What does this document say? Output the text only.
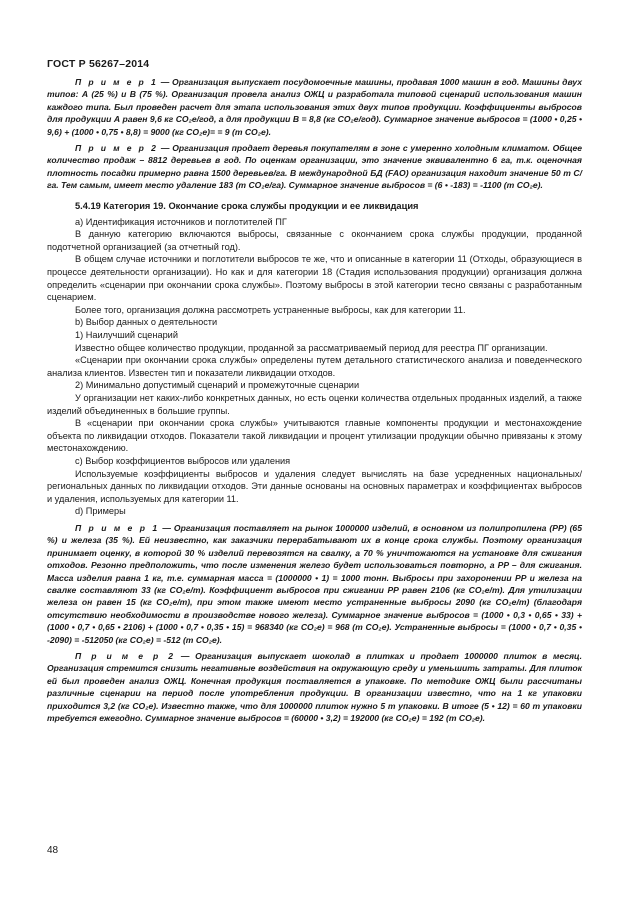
ГОСТ Р 56267–2014

П р и м е р 1 — Организация выпускает посудомоечные машины, продавая 1000 машин в год. Машины двух типов: А (25 %) и В (75 %). Организация провела анализ ОЖЦ и разработала типовой сценарий использования машин каждого типа. Был проведен расчет для этапа использования этих двух типов продукции. Коэффициенты выбросов для продукции А равен 9,6 кг CO₂е/год, а для продукции В = 8,8 (кг CO₂е/год). Суммарное значение выбросов = (1000 • 0,25 • 9,6) + (1000 • 0,75 • 8,8) = 9000 (кг CO₂е)= = 9 (т CO₂е).

П р и м е р 2 — Организация продает деревья покупателям в зоне с умеренно холодным климатом. Общее количество продаж – 8812 деревьев в год. По оценкам организации, это значение эквивалентно 6 га, т.к. оценочная плотность посадки примерно равна 1500 деревьев/га. В международной БД (FAO) организация находит значение 50 т С/га. Тем самым, имеет место удаление 183 (т CO₂е/га). Суммарное значение выбросов = (6 • -183) = -1100 (т CO₂е).

5.4.19 Категория 19. Окончание срока службы продукции и ее ликвидация

a) Идентификация источников и поглотителей ПГ

В данную категорию включаются выбросы, связанные с окончанием срока службы продукции, проданной подотчетной организацией (за отчетный год).

В общем случае источники и поглотители выбросов те же, что и описанные в категории 11 (Отходы, образующиеся в процессе деятельности организации). Но как и для категории 18 (Стадия использования продукции) организация должна определить «сценарии при окончании срока службы». Поэтому выбросы в этой категории тесно связаны с разработанным сценарием.

Более того, организация должна рассмотреть устраненные выбросы, как для категории 11.

b) Выбор данных о деятельности

1) Наилучший сценарий

Известно общее количество продукции, проданной за рассматриваемый период для реестра ПГ организации.

«Сценарии при окончании срока службы» определены путем детального статистического анализа и поведенческого анализа клиентов. Известен тип и показатели ликвидации отходов.

2) Минимально допустимый сценарий и промежуточные сценарии

У организации нет каких-либо конкретных данных, но есть оценки количества отдельных проданных изделий, а также изделий объединенных в большие группы.

В «сценарии при окончании срока службы» учитываются главные компоненты продукции и местонахождение объекта по ликвидации отходов. Показатели такой ликвидации и процент утилизации продукции обычно привязаны к этому местонахождению.

c) Выбор коэффициентов выбросов или удаления

Используемые коэффициенты выбросов и удаления следует вычислять на базе усредненных национальных/региональных данных по ликвидации отходов. Эти данные основаны на основных параметрах и коэффициентах выбросов и удаления, используемых для категории 11.

d) Примеры

П р и м е р 1 — Организация поставляет на рынок 1000000 изделий, в основном из полипропилена (PP) (65 %) и железа (35 %). Ей неизвестно, как заказчики перерабатывают их в конце срока службы. Поэтому организация принимает оценку, в которой 30 % изделий перевозятся на свалку, а 70 % уничтожаются на установке для сжигания отходов. Резонно предположить, что после изменения железо будет использоваться повторно, а PP – для сжигания. Масса изделия равна 1 кг, т.е. суммарная масса = (1000000 • 1) = 1000 тонн. Выбросы при захоронении PP и железа на свалке составляют 33 (кг CO₂е/т). Коэффициент выбросов при сжигании PP равен 2106 (кг CO₂е/т). Для утилизации железа он равен 15 (кг CO₂е/т), при этом также имеют место устраненные выбросы 2090 (кг CO₂е/т) (благодаря отсутствию необходимости в производстве нового железа). Суммарное значение выбросов = (1000 • 0,3 • 0,65 • 33) + (1000 • 0,7 • 0,65 • 2106) + (1000 • 0,7 • 0,35 • 15) = 968340 (кг CO₂е) = 968 (т CO₂е). Устраненные выбросы = (1000 • 0,7 • 0,35 • -2090) = -512050 (кг CO₂е) = -512 (т CO₂е).

П р и м е р 2 — Организация выпускает шоколад в плитках и продает 1000000 плиток в месяц. Организация стремится снизить негативные воздействия на окружающую среду и уменьшить затраты. Для плиток ей был проведен анализ ОЖЦ. Конечная продукция поставляется в упаковке. По методике ОЖЦ были рассчитаны различные сценарии на период после употребления продукции. В организации известно, что на 1 кг упаковки приходится 3,2 (кг CO₂е). Известно также, что для 1000000 плиток нужно 5 т упаковки. В итоге (5 • 12) = 60 т упаковки требуется ежегодно. Суммарное значение выбросов = (60000 • 3,2) = 192000 (кг CO₂е) = 192 (т CO₂е).

48
